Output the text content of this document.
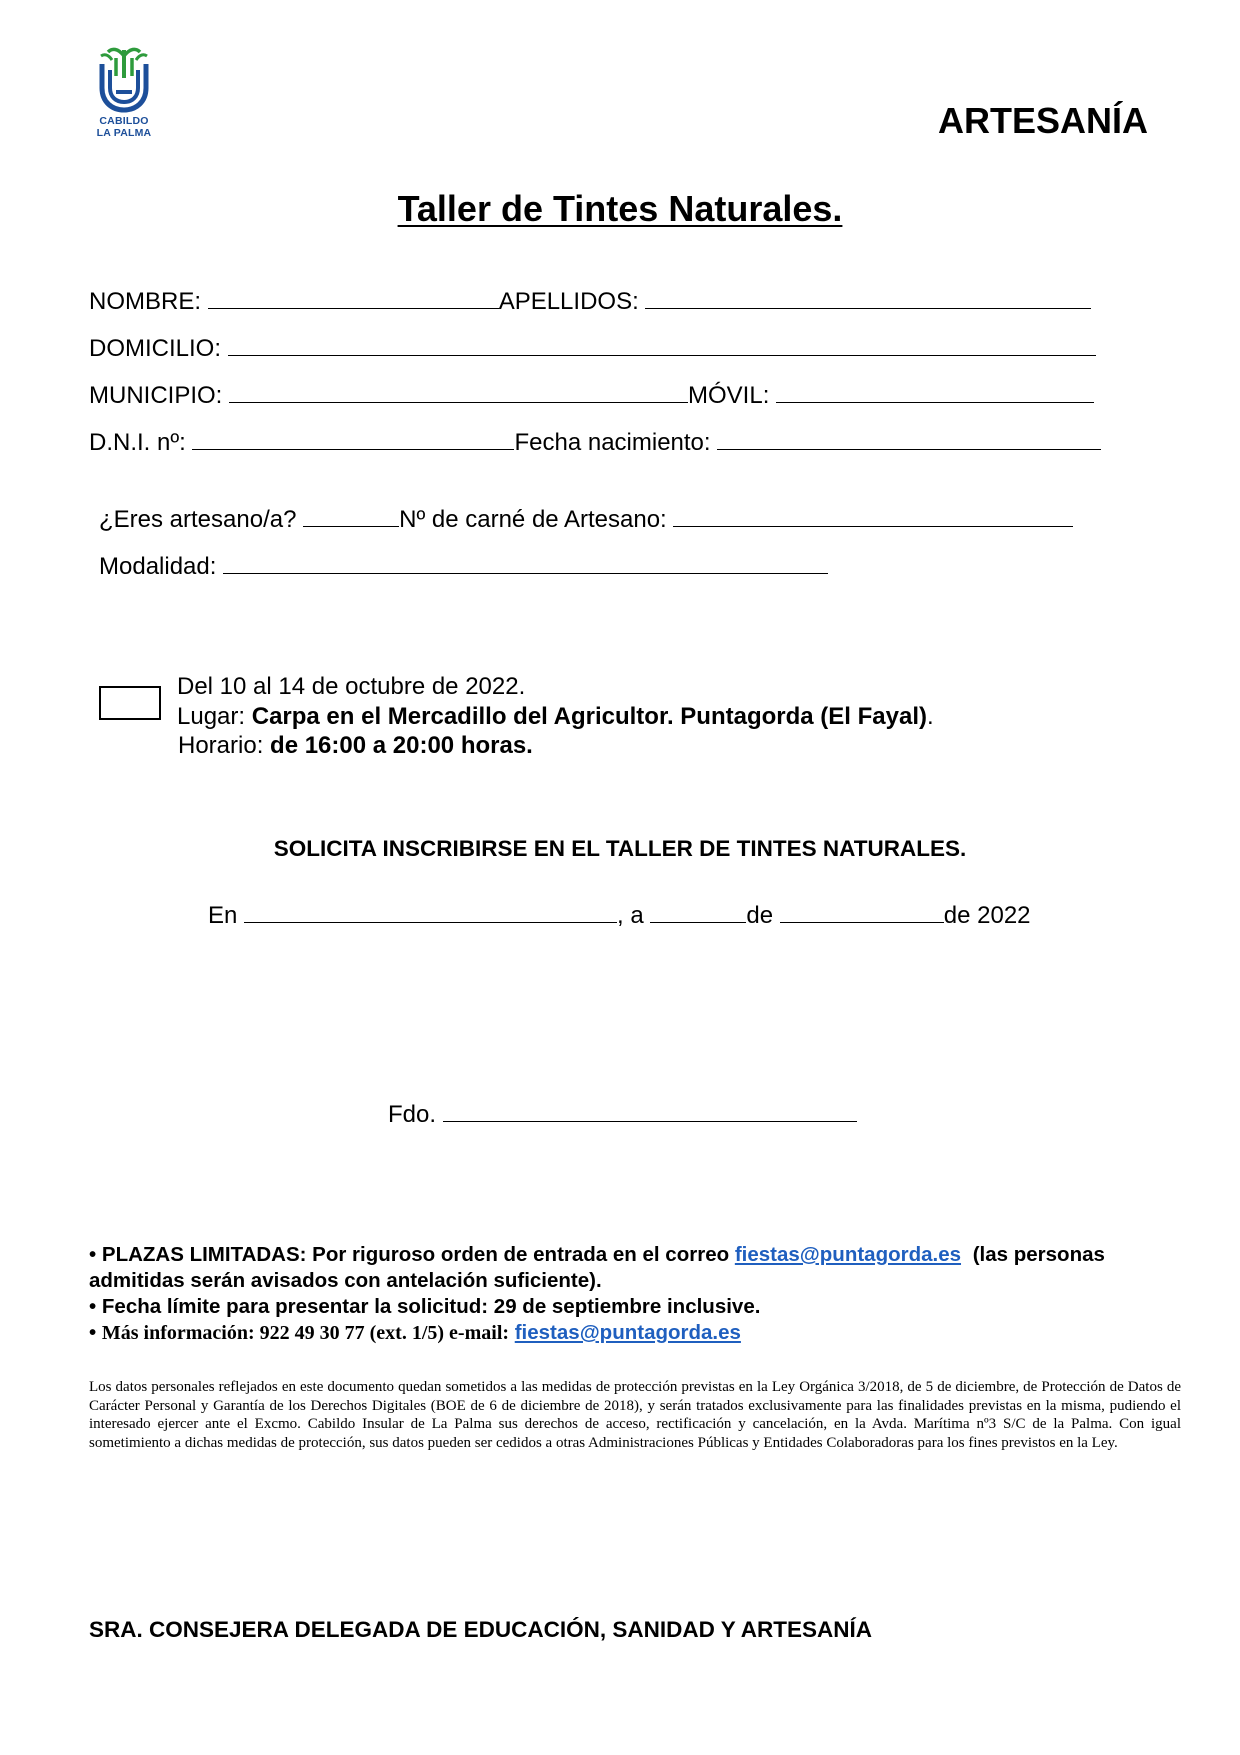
CABILDO
LA PALMA	ARTESANÍA
Taller de Tintes Naturales.
NOMBRE:	APELLIDOS:
DOMICILIO:
MUNICIPIO:	MÓVIL:
D.N.I. nº:	Fecha nacimiento:
¿Eres artesano/a?	Nº de carné de Artesano:
Modalidad:
Del 10 al 14 de octubre de 2022.
Lugar: Carpa en el Mercadillo del Agricultor. Puntagorda (El Fayal).
Horario: de 16:00 a 20:00 horas.
SOLICITA INSCRIBIRSE EN EL TALLER DE TINTES NATURALES.
En	, a	de	de 2022
Fdo.
• PLAZAS LIMITADAS: Por riguroso orden de entrada en el correo fiestas@puntagorda.es (las personas
admitidas serán avisados con antelación suficiente).
• Fecha límite para presentar la solicitud: 29 de septiembre inclusive.
• Más información: 922 49 30 77 (ext. 1/5) e-mail: fiestas@puntagorda.es
Los datos personales reflejados en este documento quedan sometidos a las medidas de protección previstas en la Ley Orgánica 3/2018, de 5 de diciembre, de Protección de Datos de Carácter Personal y Garantía de los Derechos Digitales (BOE de 6 de diciembre de 2018), y serán tratados exclusivamente para las finalidades previstas en la misma, pudiendo el interesado ejercer ante el Excmo. Cabildo Insular de La Palma sus derechos de acceso, rectificación y cancelación, en la Avda. Marítima nº3 S/C de la Palma. Con igual sometimiento a dichas medidas de protección, sus datos pueden ser cedidos a otras Administraciones Públicas y Entidades Colaboradoras para los fines previstos en la Ley.
SRA. CONSEJERA DELEGADA DE EDUCACIÓN, SANIDAD Y ARTESANÍA
